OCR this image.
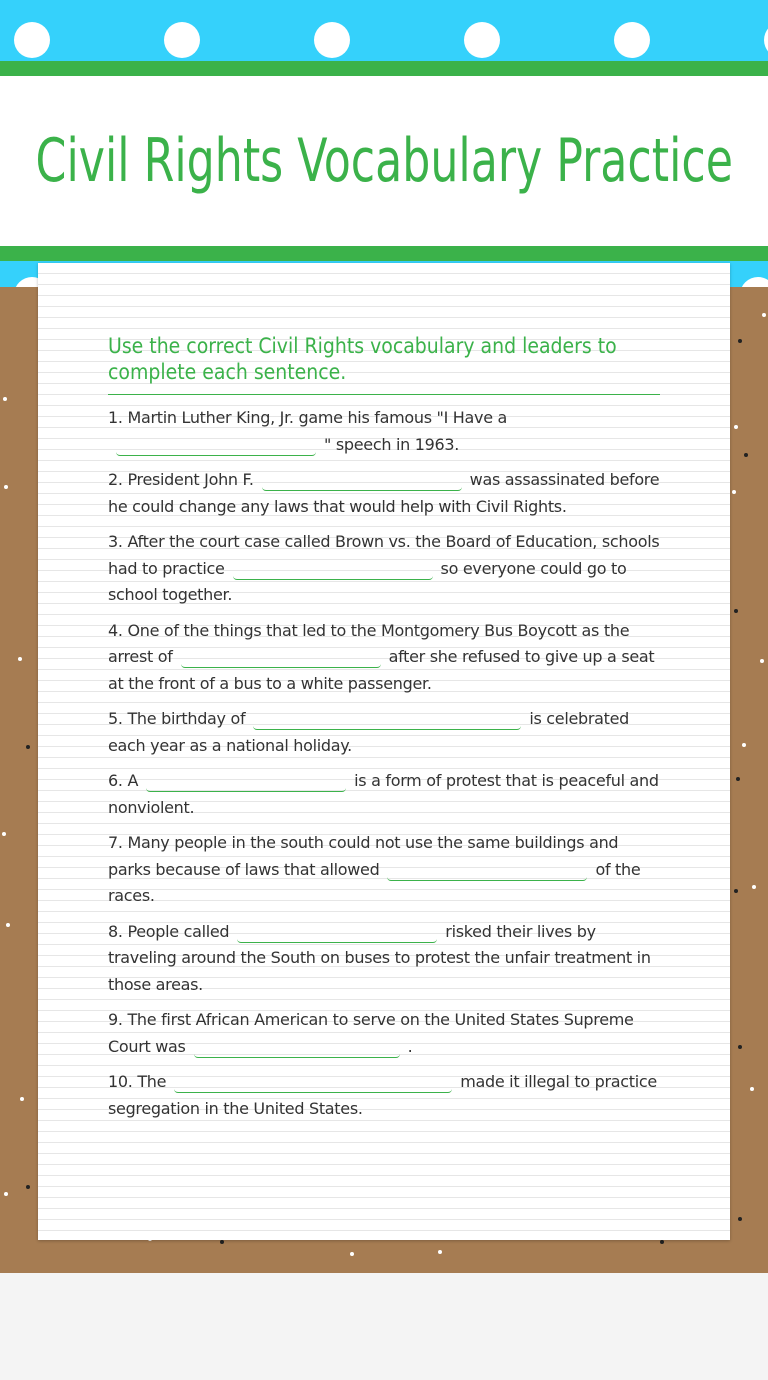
Civil Rights Vocabulary Practice

Use the correct Civil Rights vocabulary and leaders to complete each sentence.

1. Martin Luther King, Jr. game his famous "I Have a
" speech in 1963.

2. President John F.	was assassinated before he could change any laws that would help with Civil Rights.

3. After the court case called Brown vs. the Board of Education, schools had to practice	so everyone could go to school together.

4. One of the things that led to the Montgomery Bus Boycott as the arrest of	after she refused to give up a seat at the front of a bus to a white passenger.

5. The birthday of	is celebrated each year as a national holiday.

6. A	is a form of protest that is peaceful and nonviolent.

7. Many people in the south could not use the same buildings and parks because of laws that allowed	of the races.

8. People called	risked their lives by traveling around the South on buses to protest the unfair treatment in those areas.

9. The first African American to serve on the United States Supreme Court was	.

10. The	made it illegal to practice segregation in the United States.
